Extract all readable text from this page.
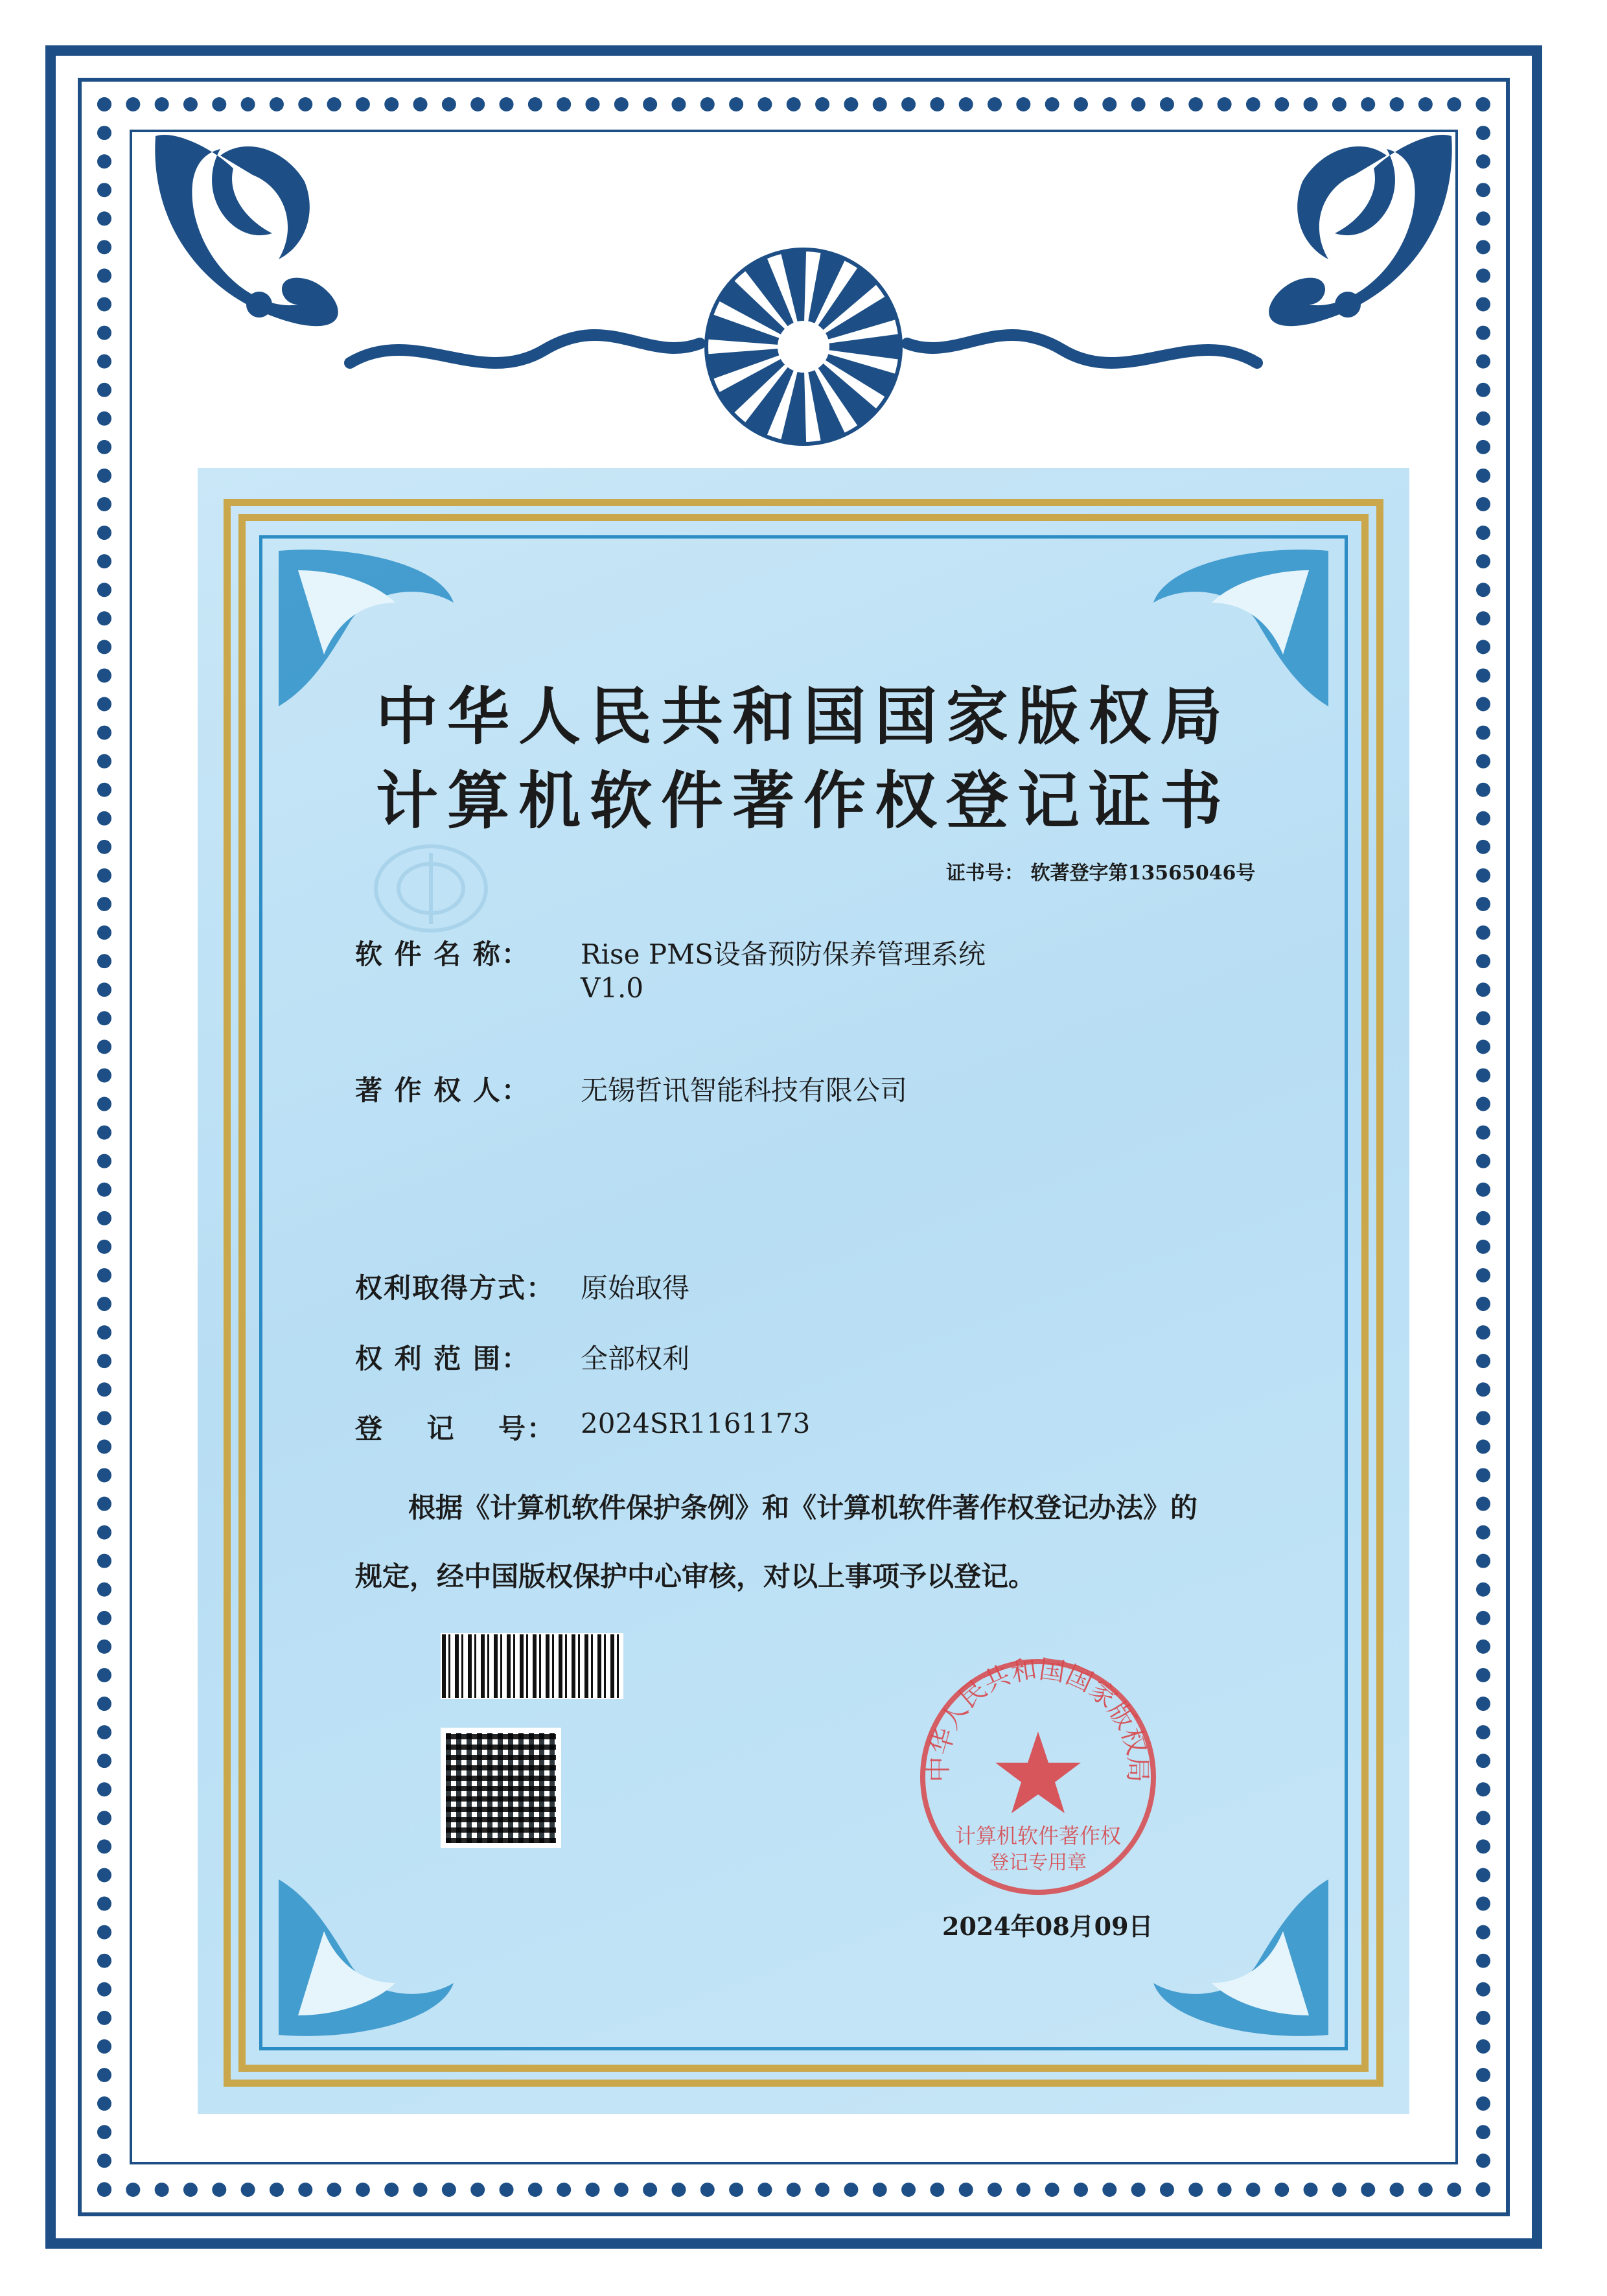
中华人民共和国国家版权局
计算机软件著作权登记证书
证书号： 软著登字第13565046号
软 件 名 称： Rise PMS设备预防保养管理系统
V1.0
著 作 权 人： 无锡哲讯智能科技有限公司
权利取得方式： 原始取得
权 利 范 围： 全部权利
登    记    号： 2024SR1161173
根据《计算机软件保护条例》和《计算机软件著作权登记办法》的
规定，经中国版权保护中心审核，对以上事项予以登记。
中华人民共和国国家版权局
计算机软件著作权
登记专用章
2024年08月09日
